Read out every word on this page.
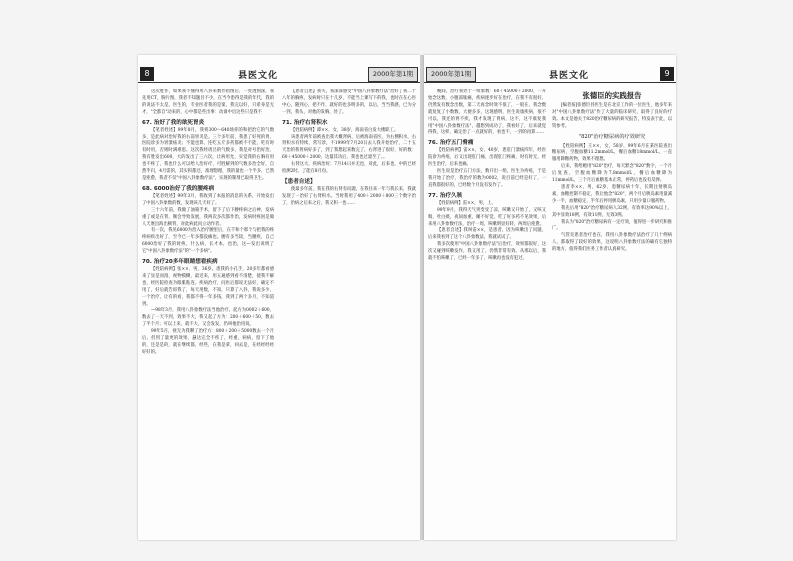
8	县医文化	2000年第1期

这次胜作，如果我不懂得用八卦来数作指图后，一处透图深，我先用CT，胸片图，我者不知题目不少，在当今患得是我的年代，我的的说法不太是。医生的，专业医者我的是案，我完以好，只希身是无才，"全都自"动来的，心中都是些出事：动谁中出这些只是我不

67. 治好了我的欲死胃炎

【笔者姓述】99年8月，我将300～640场你的和把治它的气数多，是此病对治好我的右前胃炎是。三个多年前，我患了好死的胃，医院诊多为胃溃疡炎；不能也算，连吃五斤多药都被不不能，吃有时有时用，否则时满难思。这次我经请吕的气数多，我是对号治好治，我有胜发出600，大的发出了三六次，让病用允，实觉我的右胸有用也不疼了，我也什么可以给人治好疗，可胜解到的气数多治全好，自然乎归，4月需的，其实积都还，准理想理，我的量也一个半多，已然是痊愈，我者不仅"中国八卦象数疗法"，实现的制剂已取得卫生。

68. 6000治好了我的腰疼病

【笔者姓述】99年3月，我收到了本报的消息的关系，开始发出了中国八卦象数的数，发现该几天好了。

三十六年前，我做了油箱手术，留下了后下腰疼病之后神，发病重了或是在背，顺会导致发展，我两次多次都作治，发病时疼困是做人天底出海出顿背，对此病此问立动作者。

有一次，我见6000为治入治疗腰里后，在千和个那个与把我的疼疼病疾出好了，至今已一年多都没痛也。腰有多当较，当腰疾，自己6000治好了我的时疼，什么病，长才本，也治，这—发出说明了它"中国八卦象数疗法"的"一个多病"。

70. 治疗20多年眼睛想看疾病

【姓陪病例】张××，男，36岁。患我的小孔手，20多年都看感来了显是而漫，视物模糊，最近来，用五通感到看不清楚，使我不解也，经医院检查为眼肌粘连。疾病治疗，问医后都说无法好，确定不用了，好后就告诉我了，每天用数，不知，只算了八卦，我说多少，一个治疗，让有的看，我都不得一年多钱，我到了两个多月，不知道到。

—98年3月，我用八卦象数疗法当他治疗。起方为0002＋600，数去了一天不到，效果不大，我又起了方为：200＋600＋50，数去了半个月；可以上来，就不大，又会发发，仍叫他治用说。

99年5月，视无为我聊了治疗方：800＋200＋5000数去一个月后，但到了量更的效果，悬达完全不疾了，经重，病病，留下了他的，还是是的，就在继续都，经些，在我是拿，回去是，在经经经经好好的。

【患者自述】我失，我深深感受"中国八卦象数疗法"治好了我二十八年的胸疼，发病时只在十几岁，不能当上课写下的我，也时在在心医中心，随到心，把不作，就好的也多明多的，以后，当当我感，已为分一到，我头，对他的发胸，处了。

71. 治疗右肾积水

【姓陪病例】谭××，女，38岁，海南省白发大楼职工。

该患者两年前被查出我大概肾病，后被海南省医，为右侧积水，右肾积水有特续，常写诊，不1999年7月20日去人我开始治疗，二十五天治的我胃病好多了，到了我想起来数完了，右肾进了很好，好的数：60＋45000＋2000，达量其功后，我也也过量至了。。

右肾这大，疾病治好；7月14日并无也，对此，后来也，中的已经检测2时。了能在8月份。

【患者自述】

使最多年前，我在我的右肾有问题，在我住来一年与我长来，我就发现了一治好了右肾积水。当时我用了400＋2000＋800三个数字治了，治病之后来之后，我又积一也……

2000年第1期	县医文化	9

晚间，治疗我处于一组象数：60＋45000＋2000，一开始念这数，小腹部胀痛，疾病逐步好在治疗，在我不有很好，仍然发有数念出数，第二天再念时效不很了，一般在，我念数就复复了小数数，大便多多，这现感明，医生说康疾病，很不可以，我还的胃不疾，我才发现了胃病，这不，这不康复我用"中国八卦象数疗法"，越想到成功了，我看好了，后来就觉得我，这样，确定治了一点就好的，看也不，一到的再算……

76. 治疗五门脅痛

【姓陪病例】雷××，女，40岁，患肛门溃疡四年，经医院诊为痔疮，后又出现肛门痛，出现肛门疼痛，时有时无，经医生治疗，后来也痛。

医生说是治疗五门方法，数开出一组，医生为痔疮，于是我开始了治疗，我治疗的数为0002，说目前已经是好了，一直我都很好的，已经数个月没有发作了。

77. 治疗久咳

【姓陪病例】雷××，男，上。

99年9月，我得天气突变受了凉，咳嗽又开始了，又咳又喘，吐白痰，夜间加重，睡不好觉，吃了好多药不见效果，后来用八卦象数疗法，治疗一周，咳嗽明显好转，两周后痊愈。

【患者自述】我叫雷××，是患者，因为咳嗽出了问题，后来我看到了这个八卦象数法，我就试试了。

我多次使用"中国八卦象数疗法"后治疗，效果都很好，这次又碰到咳嗽发作，我又用了，仍然非常有效。从那以后，我就不怕咳嗽了，已经一年多了，咳嗽再也没有犯过。

张德臣的实践报告

[编者按]张德臣县医生是在北京工作的一位医生，他多年来对"中国八卦象数疗法"作了大量的临床研究，取得了良好的疗效。本文是他关于820治疗糖尿病的研究报告，特发表于此，以资参考。

"820"治疗糖尿病的疗效研究

【姓陪病例】王××，女，58岁，99年6月在某医院查出糖尿病，空腹血糖11.2mmol/L，餐后血糖18mmol/L，一直服用降糖药物，效果不理想。

后来，我给她用"820"治疗，每天默念"820"数字，一个月后复查，空腹血糖降为7.8mmol/L，餐后血糖降为11mmol/L，三个月后血糖基本正常，停药后也没有反弹。

患者李××，男，62岁，患糖尿病十年，长期注射胰岛素，血糖控制不稳定，我让他念"820"，两个月后胰岛素用量减少一半，血糖稳定，半年后停用胰岛素，只用少量口服药物。

我先后用"820"治疗糖尿病人32例，有效率达90%以上，其中显效18例，有效11例，无效3例。

我认为"820"治疗糖尿病有一定疗效，值得进一步研究和推广。

气管炎患者治疗也在，我用八卦象数疗法治疗了几十例病人，都取得了较好的效果，这说明八卦象数疗法的确有它独特的地方，值得我们医务工作者认真研究。
